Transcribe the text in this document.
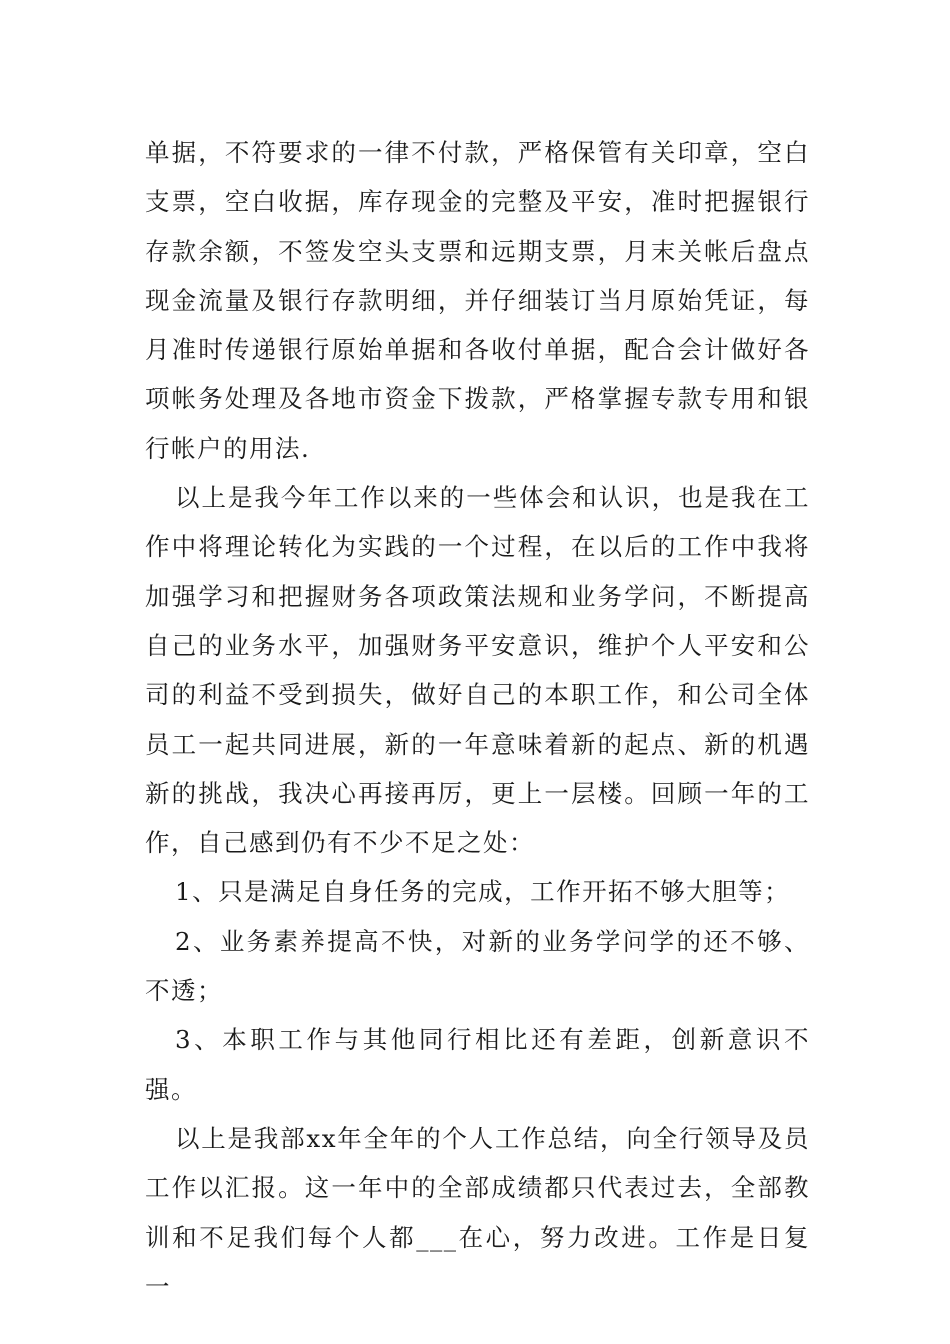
单据，不符要求的一律不付款，严格保管有关印章，空白支票，空白收据，库存现金的完整及平安，准时把握银行存款余额，不签发空头支票和远期支票，月末关帐后盘点现金流量及银行存款明细，并仔细装订当月原始凭证，每月准时传递银行原始单据和各收付单据，配合会计做好各项帐务处理及各地市资金下拨款，严格掌握专款专用和银行帐户的用法.

以上是我今年工作以来的一些体会和认识，也是我在工作中将理论转化为实践的一个过程，在以后的工作中我将加强学习和把握财务各项政策法规和业务学问，不断提高自己的业务水平，加强财务平安意识，维护个人平安和公司的利益不受到损失，做好自己的本职工作，和公司全体员工一起共同进展，新的一年意味着新的起点、新的机遇新的挑战，我决心再接再厉，更上一层楼。回顾一年的工作，自己感到仍有不少不足之处：

1、只是满足自身任务的完成，工作开拓不够大胆等；

2、业务素养提高不快，对新的业务学问学的还不够、不透；

3、本职工作与其他同行相比还有差距，创新意识不强。

以上是我部xx年全年的个人工作总结，向全行领导及员工作以汇报。这一年中的全部成绩都只代表过去，全部教训和不足我们每个人都___在心，努力改进。工作是日复一
